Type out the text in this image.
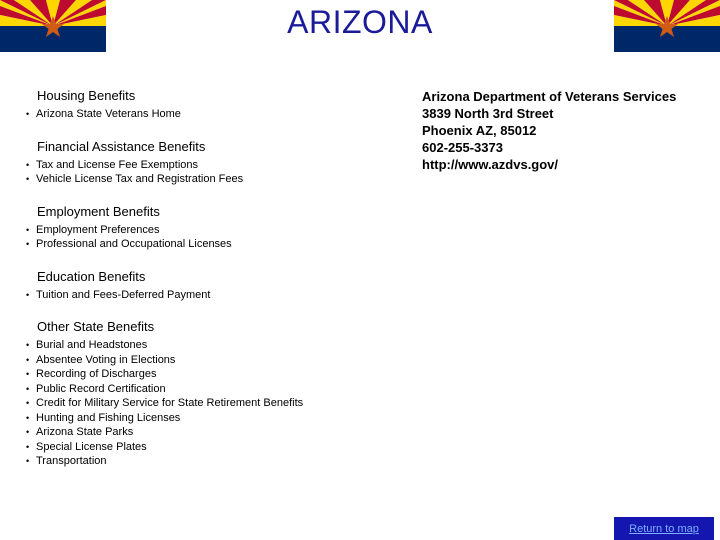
ARIZONA
Housing Benefits
• Arizona State Veterans Home
Financial Assistance Benefits
• Tax and License Fee Exemptions
• Vehicle License Tax and Registration Fees
Employment Benefits
• Employment Preferences
• Professional and Occupational Licenses
Education Benefits
• Tuition and Fees-Deferred Payment
Other State Benefits
• Burial and Headstones
• Absentee Voting in Elections
• Recording of Discharges
• Public Record Certification
• Credit for Military Service for State Retirement Benefits
• Hunting and Fishing Licenses
• Arizona State Parks
• Special License Plates
• Transportation
Arizona Department of Veterans Services
3839 North 3rd Street
Phoenix AZ, 85012
602-255-3373
http://www.azdvs.gov/
Return to map
